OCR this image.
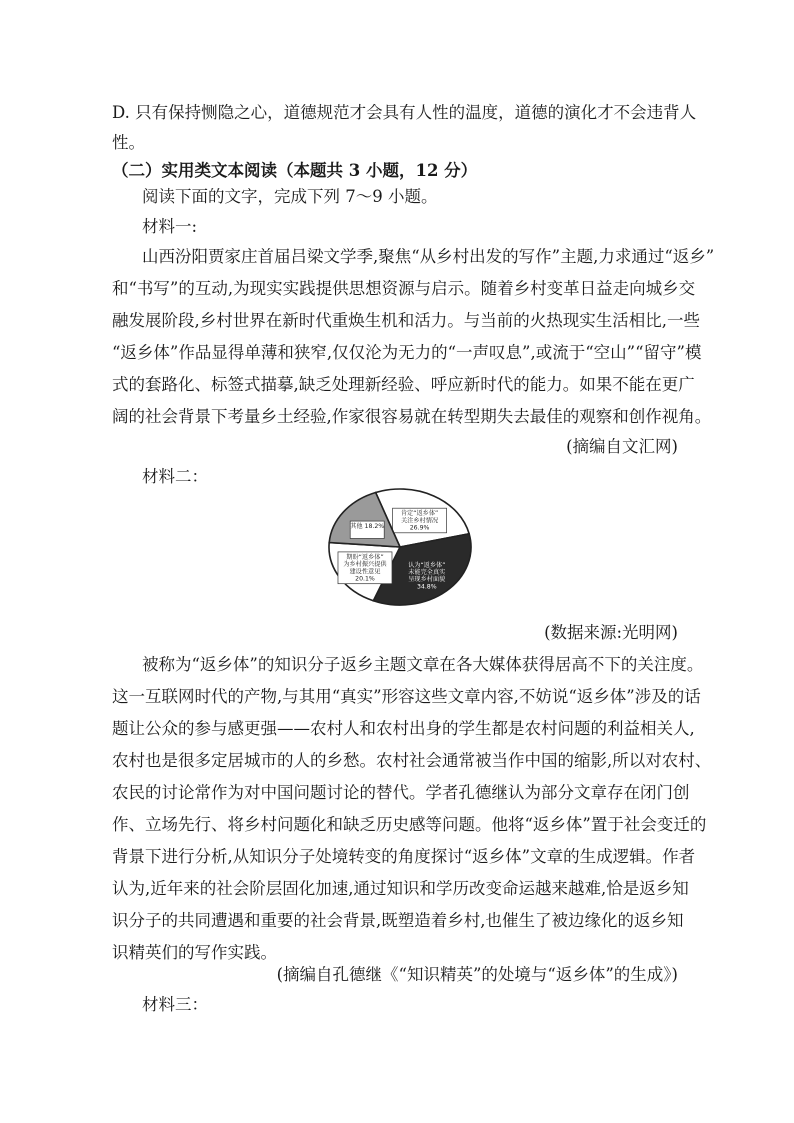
D. 只有保持恻隐之心，道德规范才会具有人性的温度，道德的演化才不会违背人
性。
（二）实用类文本阅读（本题共 3 小题，12 分）
阅读下面的文字，完成下列 7～9 小题。
材料一:
山西汾阳贾家庄首届吕梁文学季,聚焦“从乡村出发的写作”主题,力求通过“返乡”
和“书写”的互动,为现实实践提供思想资源与启示。随着乡村变革日益走向城乡交
融发展阶段,乡村世界在新时代重焕生机和活力。与当前的火热现实生活相比,一些
“返乡体”作品显得单薄和狭窄,仅仅沦为无力的“一声叹息”,或流于“空山”“留守”模
式的套路化、标签式描摹,缺乏处理新经验、呼应新时代的能力。如果不能在更广
阔的社会背景下考量乡土经验,作家很容易就在转型期失去最佳的观察和创作视角。
(摘编自文汇网)
材料二：
肯定“返乡体”关注乡村情况 26.9%
认为“返乡体”未能完全真实呈现乡村面貌 34.8%
期盼“返乡体”为乡村振兴提供建设性意见 20.1%
其他 18.2%
(数据来源:光明网)
被称为“返乡体”的知识分子返乡主题文章在各大媒体获得居高不下的关注度。
这一互联网时代的产物,与其用“真实”形容这些文章内容,不妨说“返乡体”涉及的话
题让公众的参与感更强——农村人和农村出身的学生都是农村问题的利益相关人,
农村也是很多定居城市的人的乡愁。农村社会通常被当作中国的缩影,所以对农村、
农民的讨论常作为对中国问题讨论的替代。学者孔德继认为部分文章存在闭门创
作、立场先行、将乡村问题化和缺乏历史感等问题。他将“返乡体”置于社会变迁的
背景下进行分析,从知识分子处境转变的角度探讨“返乡体”文章的生成逻辑。作者
认为,近年来的社会阶层固化加速,通过知识和学历改变命运越来越难,恰是返乡知
识分子的共同遭遇和重要的社会背景,既塑造着乡村,也催生了被边缘化的返乡知
识精英们的写作实践。
(摘编自孔德继《“知识精英”的处境与“返乡体”的生成》)
材料三：
